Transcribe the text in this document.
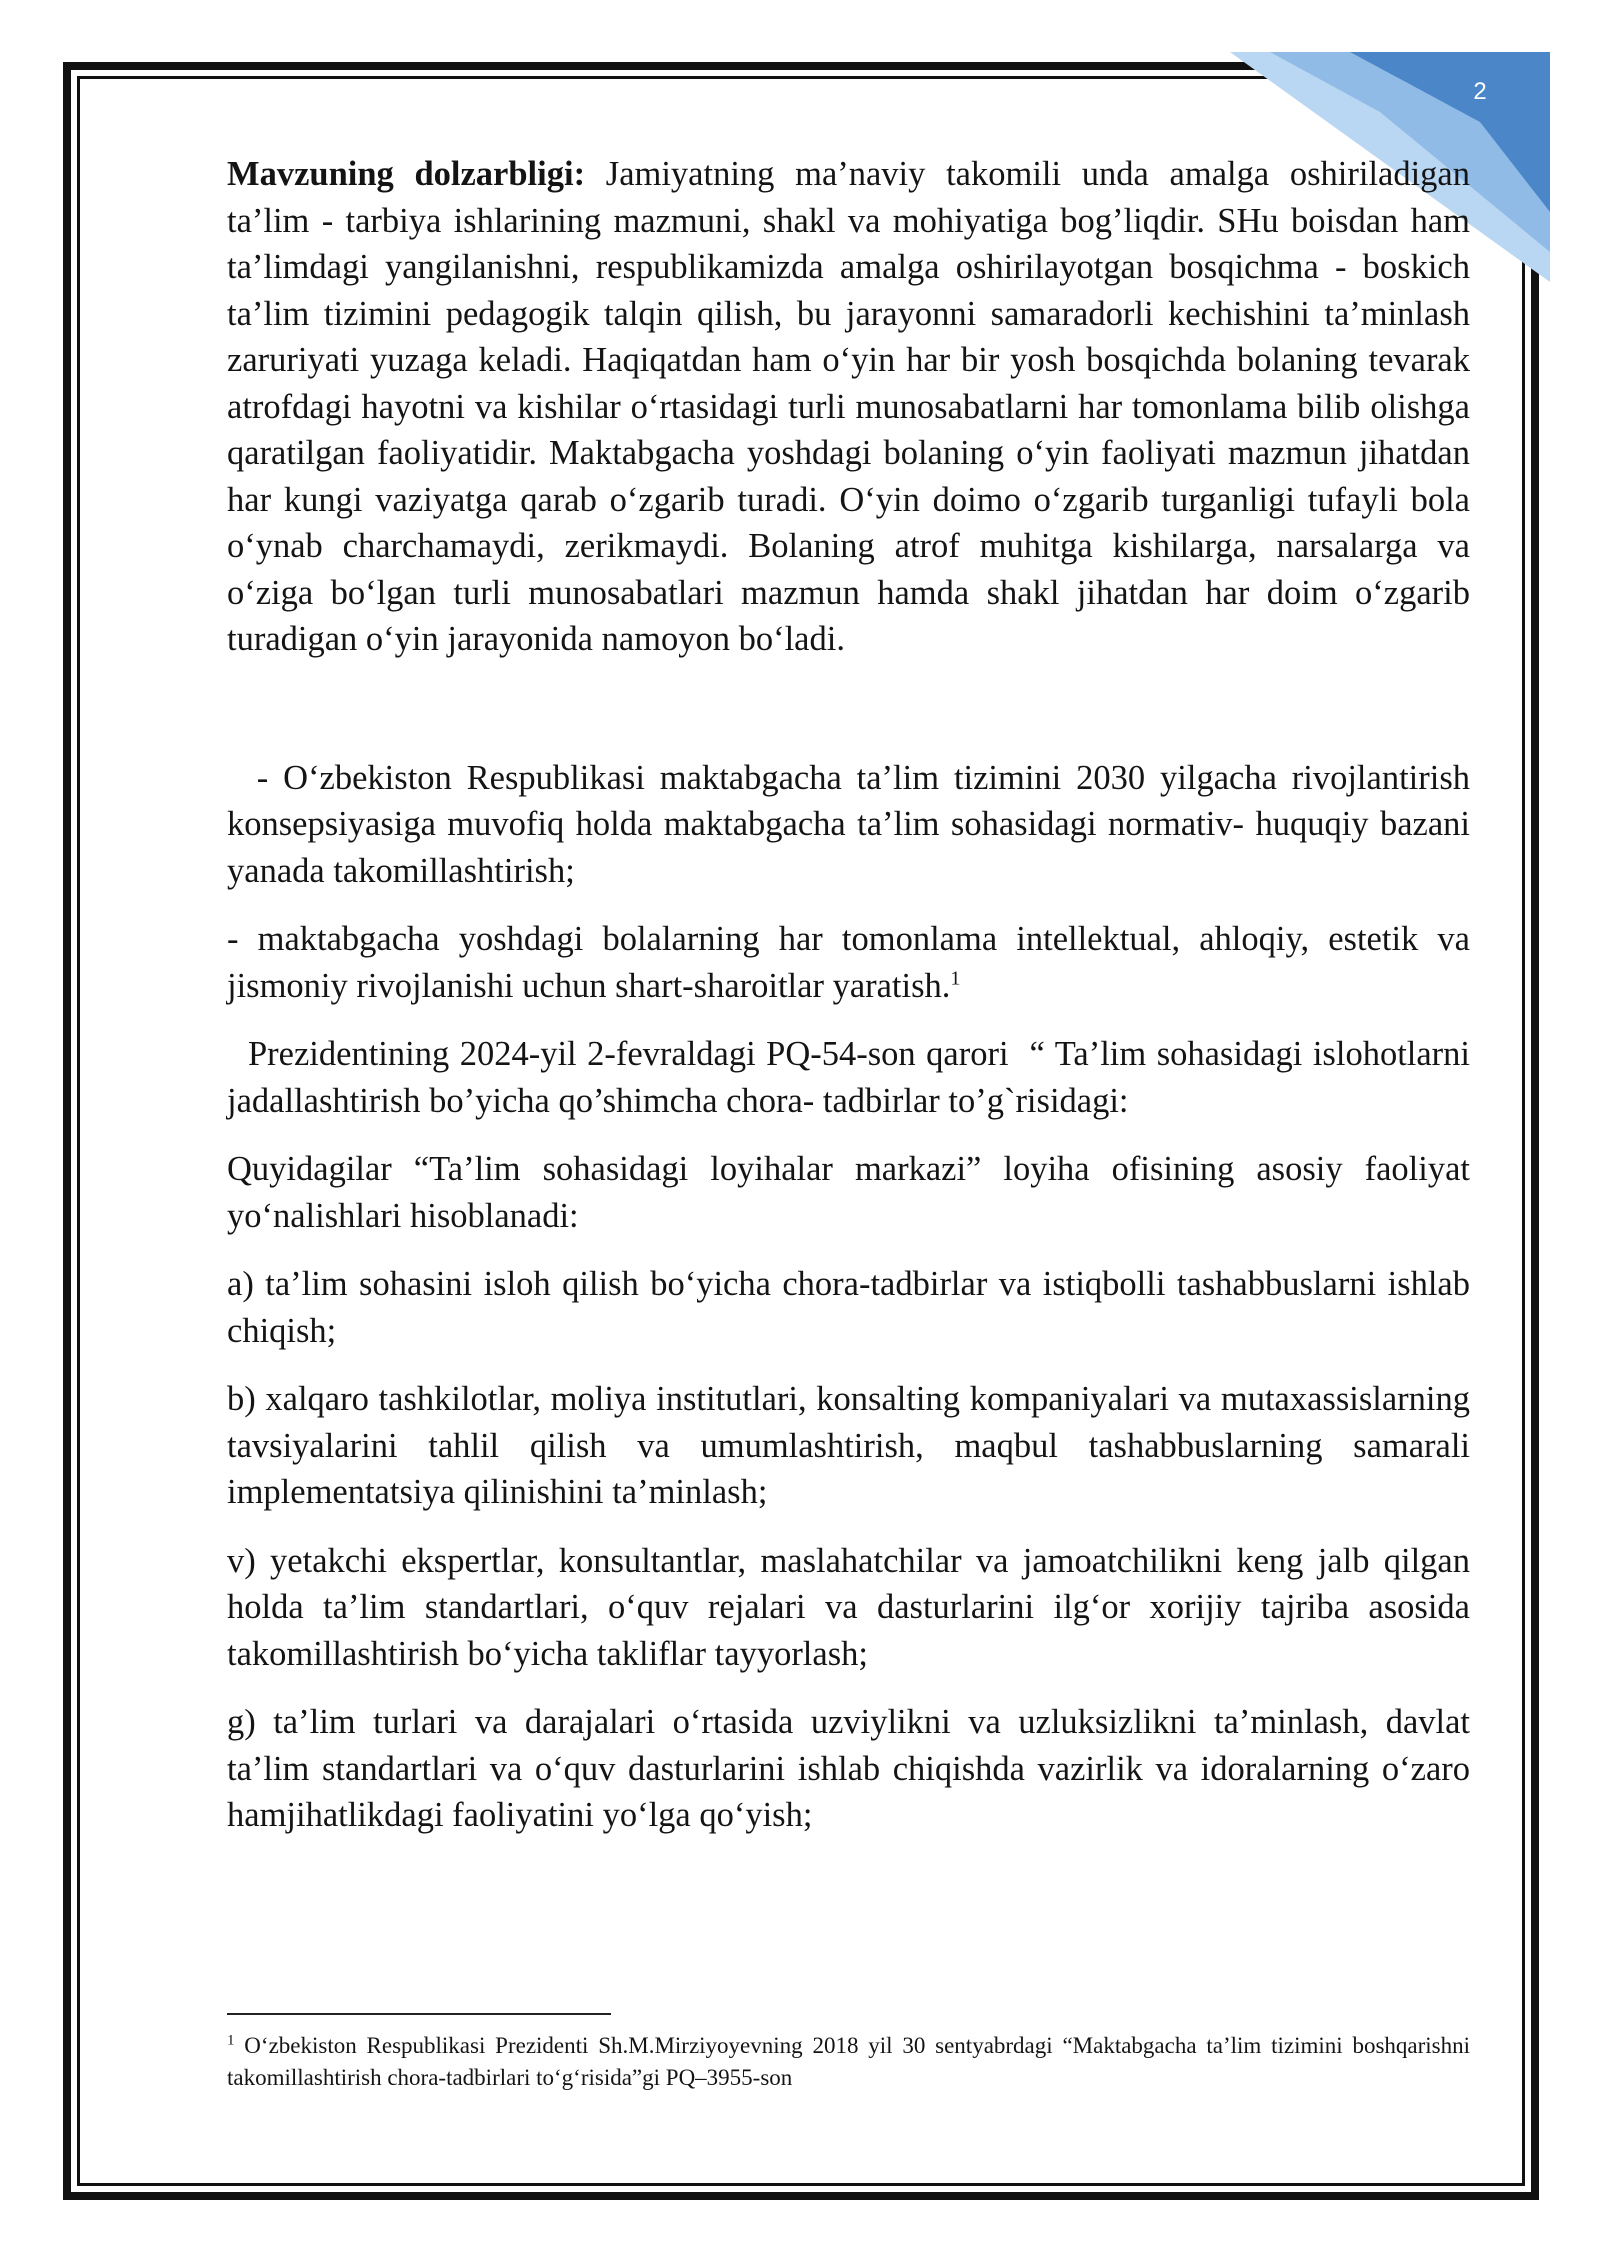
2

Mavzuning dolzarbligi: Jamiyatning ma’naviy takomili unda amalga oshiriladigan ta’lim - tarbiya ishlarining mazmuni, shakl va mohiyatiga bog’liqdir. SHu boisdan ham ta’limdagi yangilanishni, respublikamizda amalga oshirilayotgan bosqichma - boskich ta’lim tizimini pedagogik talqin qilish, bu jarayonni samaradorli kechishini ta’minlash zaruriyati yuzaga keladi. Haqiqatdan ham o‘yin har bir yosh bosqichda bolaning tevarak atrofdagi hayotni va kishilar o‘rtasidagi turli munosabatlarni har tomonlama bilib olishga qaratilgan faoliyatidir. Maktabgacha yoshdagi bolaning o‘yin faoliyati mazmun jihatdan har kungi vaziyatga qarab o‘zgarib turadi. O‘yin doimo o‘zgarib turganligi tufayli bola o‘ynab charchamaydi, zerikmaydi. Bolaning atrof muhitga kishilarga, narsalarga va o‘ziga bo‘lgan turli munosabatlari mazmun hamda shakl jihatdan har doim o‘zgarib turadigan o‘yin jarayonida namoyon bo‘ladi.

- O‘zbekiston Respublikasi maktabgacha ta’lim tizimini 2030 yilgacha rivojlantirish konsepsiyasiga muvofiq holda maktabgacha ta’lim sohasidagi normativ- huquqiy bazani yanada takomillashtirish;

- maktabgacha yoshdagi bolalarning har tomonlama intellektual, ahloqiy, estetik va jismoniy rivojlanishi uchun shart-sharoitlar yaratish.$^1$

Prezidentining 2024-yil 2-fevraldagi PQ-54-son qarori  “ Ta’lim sohasidagi islohotlarni jadallashtirish bo’yicha qo’shimcha chora- tadbirlar to’g`risidagi:

Quyidagilar “Ta’lim sohasidagi loyihalar markazi” loyiha ofisining asosiy faoliyat yo‘nalishlari hisoblanadi:

a) ta’lim sohasini isloh qilish bo‘yicha chora-tadbirlar va istiqbolli tashabbuslarni ishlab chiqish;

b) xalqaro tashkilotlar, moliya institutlari, konsalting kompaniyalari va mutaxassislarning tavsiyalarini tahlil qilish va umumlashtirish, maqbul tashabbuslarning samarali implementatsiya qilinishini ta’minlash;

v) yetakchi ekspertlar, konsultantlar, maslahatchilar va jamoatchilikni keng jalb qilgan holda ta’lim standartlari, o‘quv rejalari va dasturlarini ilg‘or xorijiy tajriba asosida takomillashtirish bo‘yicha takliflar tayyorlash;

g) ta’lim turlari va darajalari o‘rtasida uzviylikni va uzluksizlikni ta’minlash, davlat ta’lim standartlari va o‘quv dasturlarini ishlab chiqishda vazirlik va idoralarning o‘zaro hamjihatlikdagi faoliyatini yo‘lga qo‘yish;

$^1$ O‘zbekiston Respublikasi Prezidenti Sh.M.Mirziyoyevning 2018 yil 30 sentyabrdagi “Maktabgacha ta’lim tizimini boshqarishni takomillashtirish chora-tadbirlari to‘g‘risida”gi PQ–3955-son
